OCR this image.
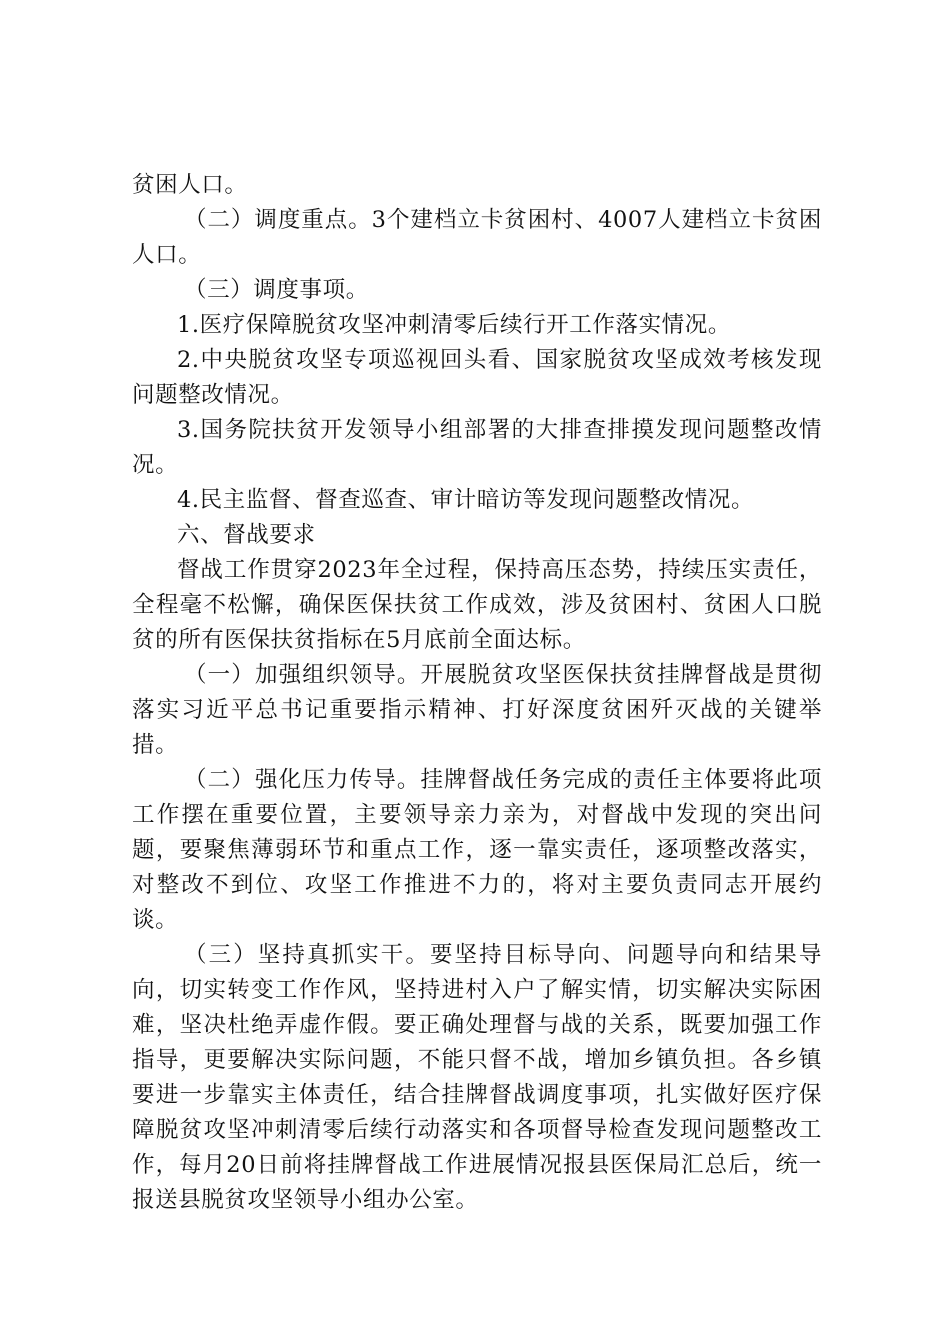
贫困人口。

（二）调度重点。3个建档立卡贫困村、4007人建档立卡贫困人口。

（三）调度事项。

1.医疗保障脱贫攻坚冲刺清零后续行开工作落实情况。

2.中央脱贫攻坚专项巡视回头看、国家脱贫攻坚成效考核发现问题整改情况。

3.国务院扶贫开发领导小组部署的大排查排摸发现问题整改情况。

4.民主监督、督查巡查、审计暗访等发现问题整改情况。

六、督战要求

督战工作贯穿2023年全过程，保持高压态势，持续压实责任，全程毫不松懈，确保医保扶贫工作成效，涉及贫困村、贫困人口脱贫的所有医保扶贫指标在5月底前全面达标。

（一）加强组织领导。开展脱贫攻坚医保扶贫挂牌督战是贯彻落实习近平总书记重要指示精神、打好深度贫困歼灭战的关键举措。

（二）强化压力传导。挂牌督战任务完成的责任主体要将此项工作摆在重要位置，主要领导亲力亲为，对督战中发现的突出问题，要聚焦薄弱环节和重点工作，逐一靠实责任，逐项整改落实，对整改不到位、攻坚工作推进不力的，将对主要负责同志开展约谈。

（三）坚持真抓实干。要坚持目标导向、问题导向和结果导向，切实转变工作作风，坚持进村入户了解实情，切实解决实际困难，坚决杜绝弄虚作假。要正确处理督与战的关系，既要加强工作指导，更要解决实际问题，不能只督不战，增加乡镇负担。各乡镇要进一步靠实主体责任，结合挂牌督战调度事项，扎实做好医疗保障脱贫攻坚冲刺清零后续行动落实和各项督导检查发现问题整改工作，每月20日前将挂牌督战工作进展情况报县医保局汇总后，统一报送县脱贫攻坚领导小组办公室。
